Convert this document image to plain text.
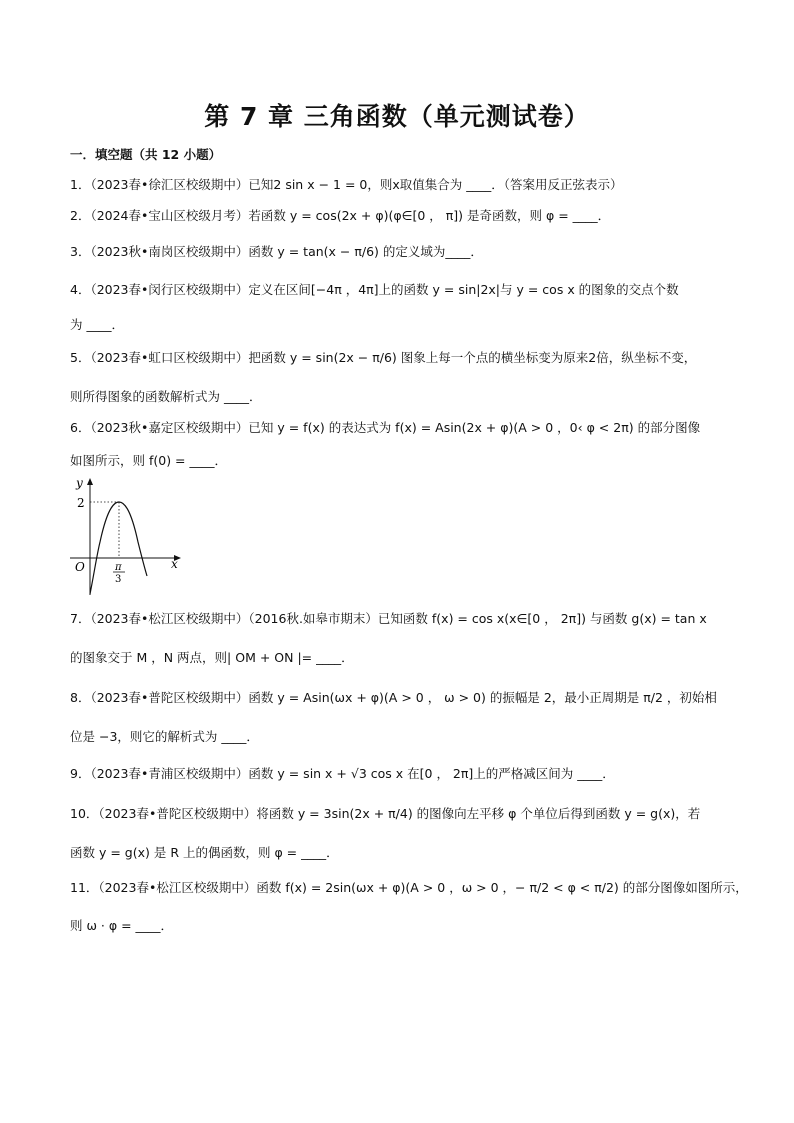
第 7 章 三角函数（单元测试卷）
一．填空题（共 12 小题）
1．（2023春•徐汇区校级期中）已知2 sin x − 1 = 0，则x取值集合为 ____．（答案用反正弦表示）
2．（2024春•宝山区校级月考）若函数 y = cos(2x + φ)(φ∈[0 ， π]) 是奇函数，则 φ = ____．
3．（2023秋•南岗区校级期中）函数 y = tan(x − π/6) 的定义域为____．
4．（2023春•闵行区校级期中）定义在区间[−4π ，4π]上的函数 y = sin|2x|与 y = cos x 的图象的交点个数
为 ____．
5．（2023春•虹口区校级期中）把函数 y = sin(2x − π/6) 图象上每一个点的横坐标变为原来2倍，纵坐标不变，
则所得图象的函数解析式为 ____．
6．（2023秋•嘉定区校级期中）已知 y = f(x) 的表达式为 f(x) = Asin(2x + φ)(A > 0 ，0‹ φ < 2π) 的部分图像
如图所示，则 f(0) = ____．
y
x
O
2
π
3
7．（2023春•松江区校级期中）（2016秋.如皋市期末）已知函数 f(x) = cos x(x∈[0 ， 2π]) 与函数 g(x) = tan x
的图象交于 M ，N 两点，则| OM + ON |= ____．
8．（2023春•普陀区校级期中）函数 y = Asin(ωx + φ)(A > 0 ， ω > 0) 的振幅是 2，最小正周期是 π/2 ，初始相
位是 −3，则它的解析式为 ____．
9．（2023春•青浦区校级期中）函数 y = sin x + √3 cos x 在[0 ， 2π]上的严格减区间为 ____．
10．（2023春•普陀区校级期中）将函数 y = 3sin(2x + π/4) 的图像向左平移 φ 个单位后得到函数 y = g(x)，若
函数 y = g(x) 是 R 上的偶函数，则 φ = ____．
11．（2023春•松江区校级期中）函数 f(x) = 2sin(ωx + φ)(A > 0 ，ω > 0 ，− π/2 < φ < π/2) 的部分图像如图所示，
则 ω · φ = ____．
